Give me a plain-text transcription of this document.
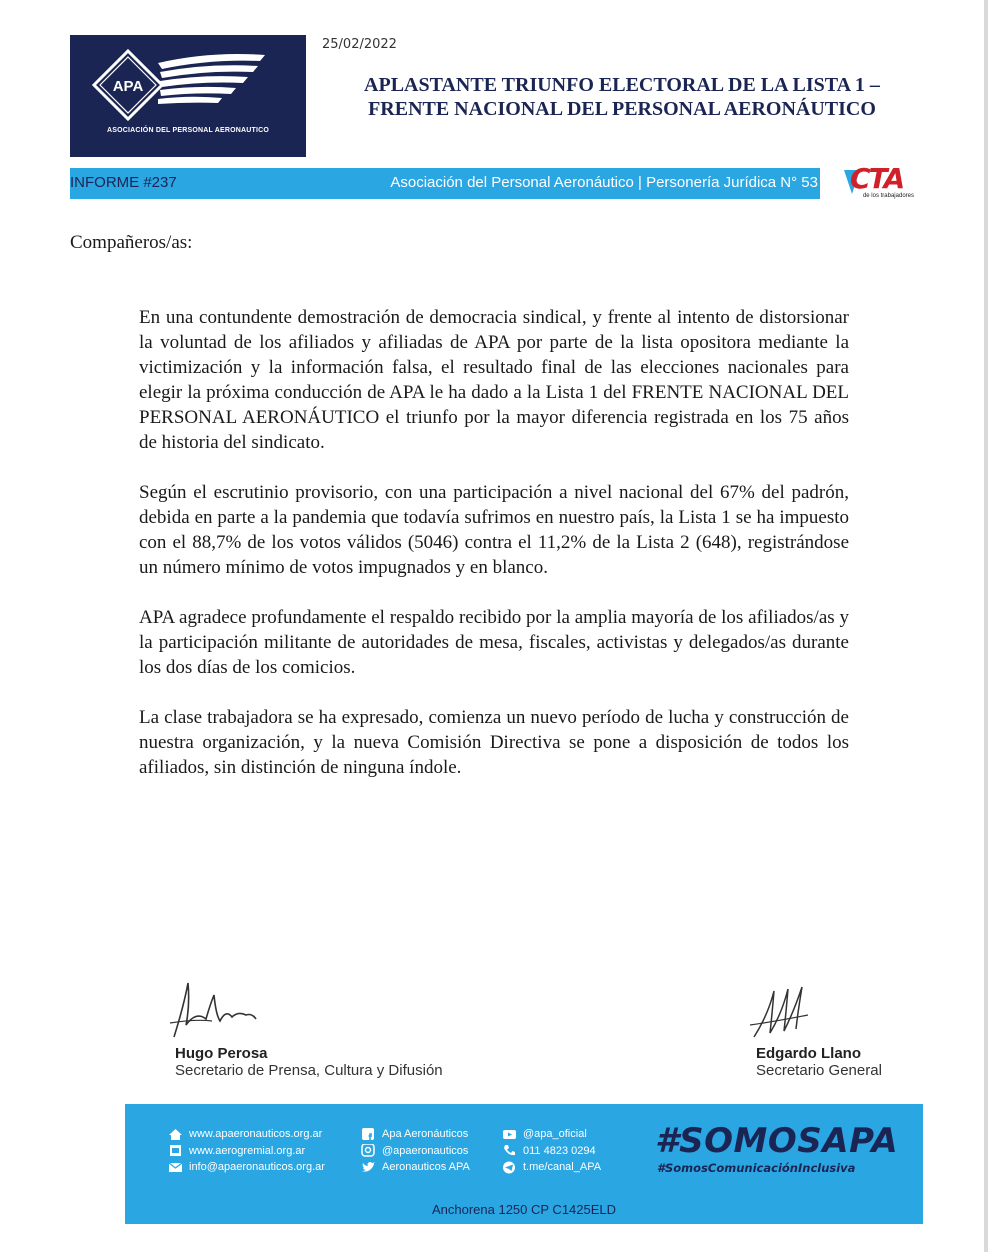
APA
ASOCIACIÓN DEL PERSONAL AERONAUTICO
25/02/2022
APLASTANTE TRIUNFO ELECTORAL DE LA LISTA 1 –
FRENTE NACIONAL DEL PERSONAL AERONÁUTICO
INFORME #237	Asociación del Personal Aeronáutico | Personería Jurídica N° 53 CTA
de los trabajadores
Compañeros/as:

En una contundente demostración de democracia sindical, y frente al intento de distorsionar la voluntad de los afiliados y afiliadas de APA por parte de la lista opositora mediante la victimización y la información falsa, el resultado final de las elecciones nacionales para elegir la próxima conducción de APA le ha dado a la Lista 1 del FRENTE NACIONAL DEL PERSONAL AERONÁUTICO el triunfo por la mayor diferencia registrada en los 75 años de historia del sindicato.

Según el escrutinio provisorio, con una participación a nivel nacional del 67% del padrón, debida en parte a la pandemia que todavía sufrimos en nuestro país, la Lista 1 se ha impuesto con el 88,7% de los votos válidos (5046) contra el 11,2% de la Lista 2 (648), registrándose un número mínimo de votos impugnados y en blanco.

APA agradece profundamente el respaldo recibido por la amplia mayoría de los afiliados/as y la participación militante de autoridades de mesa, fiscales, activistas y delegados/as durante los dos días de los comicios.

La clase trabajadora se ha expresado, comienza un nuevo período de lucha y construcción de nuestra organización, y la nueva Comisión Directiva se pone a disposición de todos los afiliados, sin distinción de ninguna índole.

Hugo Perosa
Secretario de Prensa, Cultura y Difusión
Edgardo Llano
Secretario General
www.apaeronauticos.org.ar
www.aerogremial.org.ar
info@apaeronauticos.org.ar
Apa Aeronáuticos
@apaeronauticos
Aeronauticos APA
@apa_oficial
011 4823 0294
t.me/canal_APA
#SOMOSAPA
#SomosComunicaciónInclusiva
Anchorena 1250 CP C1425ELD
